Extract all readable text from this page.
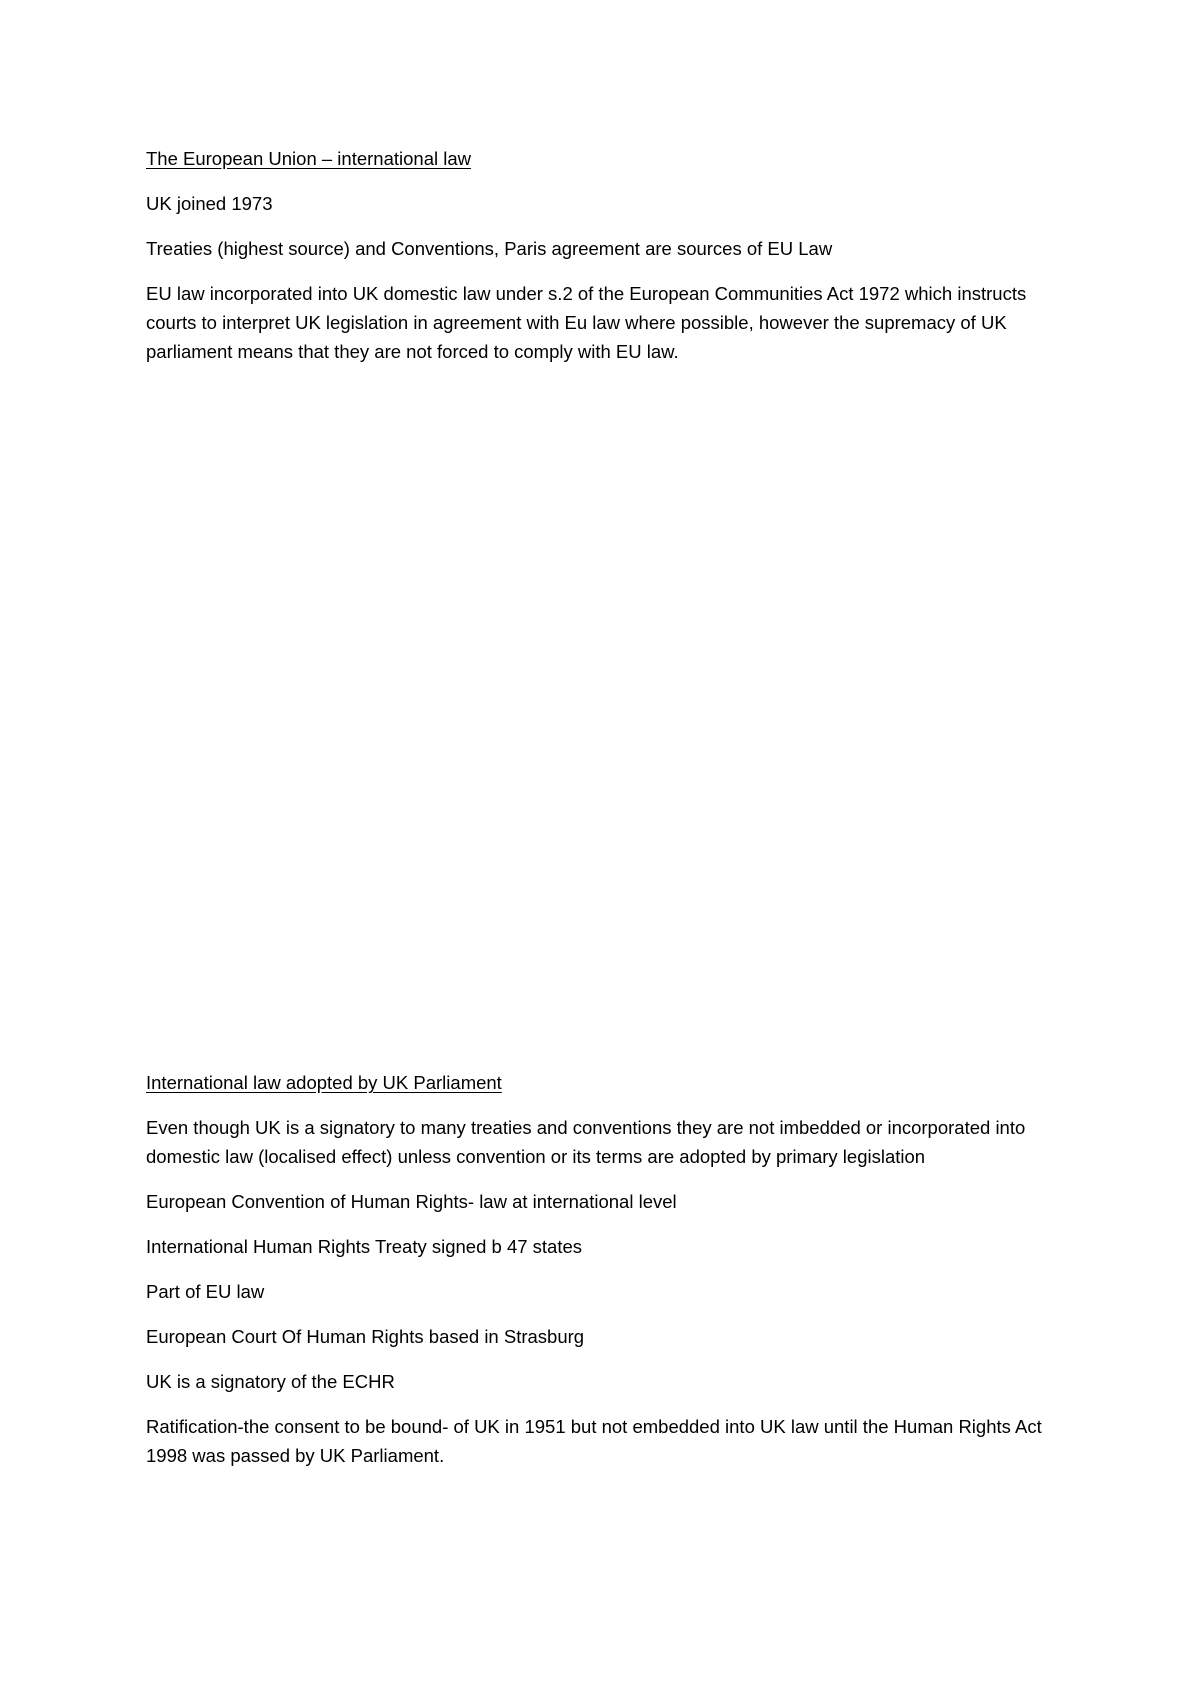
The European Union – international law

UK joined 1973

Treaties (highest source) and Conventions, Paris agreement are sources of EU Law

EU law incorporated into UK domestic law under s.2 of the European Communities Act 1972 which instructs courts to interpret UK legislation in agreement with Eu law where possible, however the supremacy of UK parliament means that they are not forced to comply with EU law.

International law adopted by UK Parliament

Even though UK is a signatory to many treaties and conventions they are not imbedded or incorporated into domestic law (localised effect) unless convention or its terms are adopted by primary legislation

European Convention of Human Rights- law at international level

International Human Rights Treaty signed b 47 states

Part of EU law

European Court Of Human Rights based in Strasburg

UK is a signatory of the ECHR

Ratification-the consent to be bound- of UK in 1951 but not embedded into UK law until the Human Rights Act 1998 was passed by UK Parliament.
